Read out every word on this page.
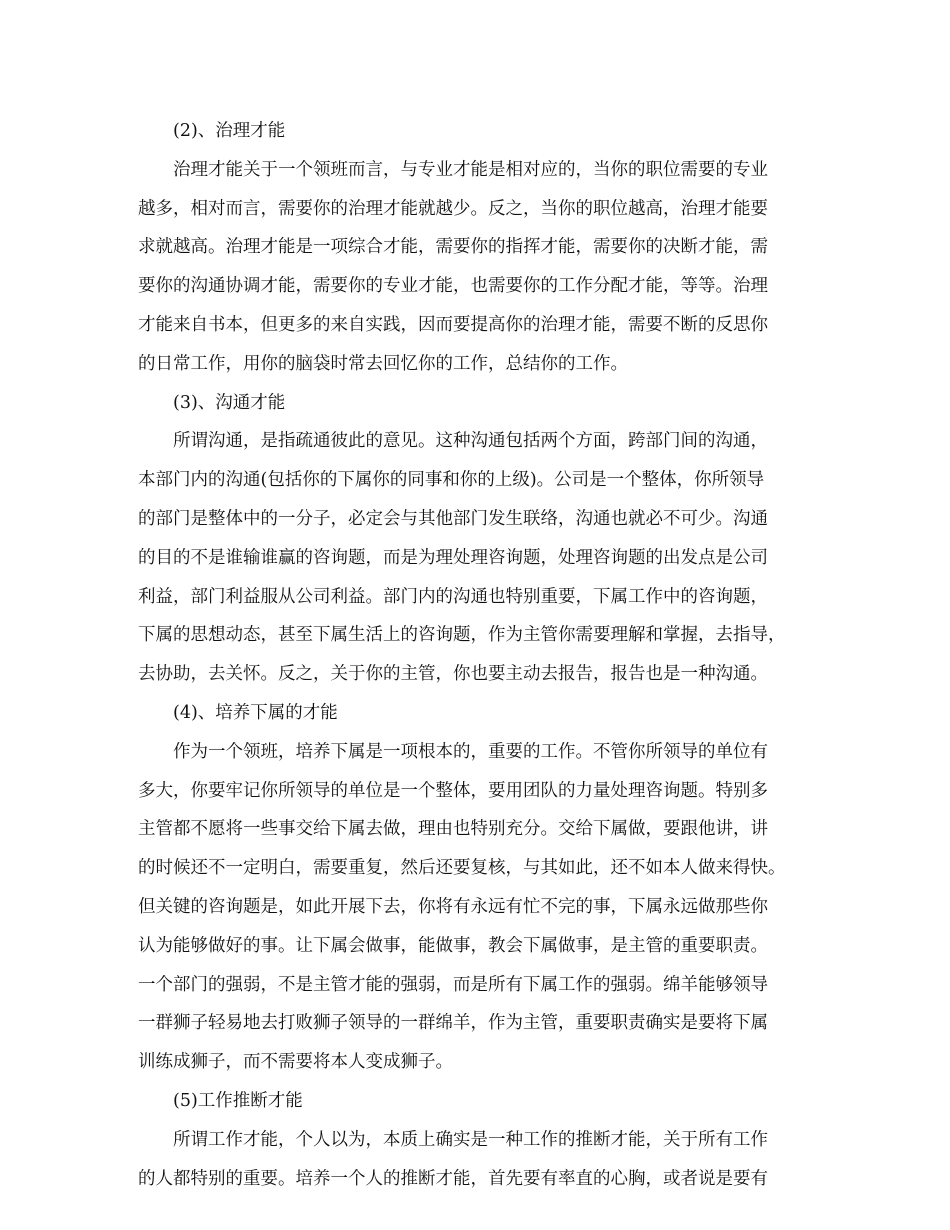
(2)、治理才能
治理才能关于一个领班而言，与专业才能是相对应的，当你的职位需要的专业
越多，相对而言，需要你的治理才能就越少。反之，当你的职位越高，治理才能要
求就越高。治理才能是一项综合才能，需要你的指挥才能，需要你的决断才能，需
要你的沟通协调才能，需要你的专业才能，也需要你的工作分配才能，等等。治理
才能来自书本，但更多的来自实践，因而要提高你的治理才能，需要不断的反思你
的日常工作，用你的脑袋时常去回忆你的工作，总结你的工作。
(3)、沟通才能
所谓沟通，是指疏通彼此的意见。这种沟通包括两个方面，跨部门间的沟通，
本部门内的沟通(包括你的下属你的同事和你的上级)。公司是一个整体，你所领导
的部门是整体中的一分子，必定会与其他部门发生联络，沟通也就必不可少。沟通
的目的不是谁输谁赢的咨询题，而是为理处理咨询题，处理咨询题的出发点是公司
利益，部门利益服从公司利益。部门内的沟通也特别重要，下属工作中的咨询题，
下属的思想动态，甚至下属生活上的咨询题，作为主管你需要理解和掌握，去指导，
去协助，去关怀。反之，关于你的主管，你也要主动去报告，报告也是一种沟通。
(4)、培养下属的才能
作为一个领班，培养下属是一项根本的，重要的工作。不管你所领导的单位有
多大，你要牢记你所领导的单位是一个整体，要用团队的力量处理咨询题。特别多
主管都不愿将一些事交给下属去做，理由也特别充分。交给下属做，要跟他讲，讲
的时候还不一定明白，需要重复，然后还要复核，与其如此，还不如本人做来得快。
但关键的咨询题是，如此开展下去，你将有永远有忙不完的事，下属永远做那些你
认为能够做好的事。让下属会做事，能做事，教会下属做事，是主管的重要职责。
一个部门的强弱，不是主管才能的强弱，而是所有下属工作的强弱。绵羊能够领导
一群狮子轻易地去打败狮子领导的一群绵羊，作为主管，重要职责确实是要将下属
训练成狮子，而不需要将本人变成狮子。
(5)工作推断才能
所谓工作才能，个人以为，本质上确实是一种工作的推断才能，关于所有工作
的人都特别的重要。培养一个人的推断才能，首先要有率直的心胸，或者说是要有
